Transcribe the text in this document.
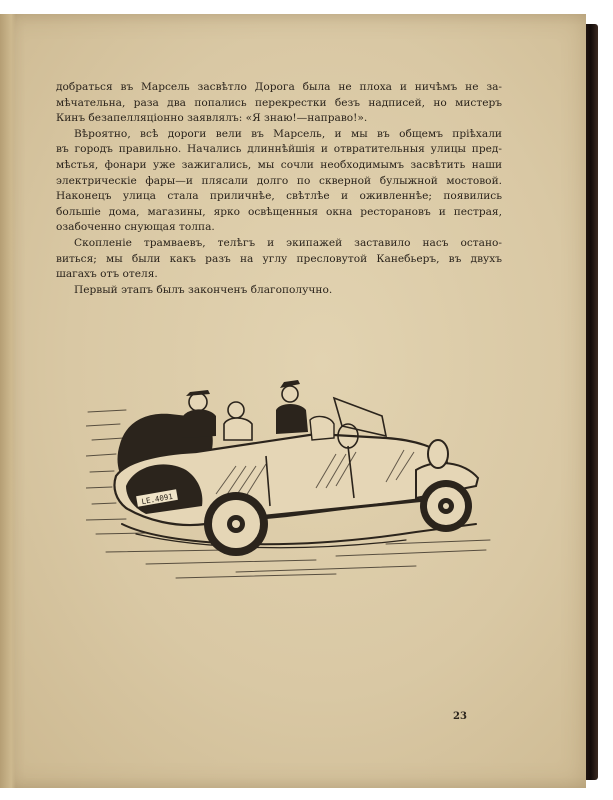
добраться въ Марсель засвѣтло Дорога была не плоха и ничѣмъ не за-
мѣчательна, раза два попались перекрестки безъ надписей, но мистеръ
Кинъ безапелляціонно заявлялъ: «Я знаю!—направо!».

Вѣроятно, всѣ дороги вели въ Марсель, и мы въ общемъ пріѣхали
въ городъ правильно. Начались длиннѣйшія и отвратительныя улицы пред-
мѣстья, фонари уже зажигались, мы сочли необходимымъ засвѣтить наши
электрическіе фары—и плясали долго по скверной булыжной мостовой.
Наконецъ улица стала приличнѣе, свѣтлѣе и оживленнѣе; появились
большіе дома, магазины, ярко освѣщенныя окна ресторановъ и пестрая,
озабоченно снующая толпа.

Скопленіе трамваевъ, телѣгъ и экипажей заставило насъ остано-
виться; мы были какъ разъ на углу пресловутой Канебьеръ, въ двухъ
шагахъ отъ отеля.

Первый этапъ былъ законченъ благополучно.

LE.4091
23
